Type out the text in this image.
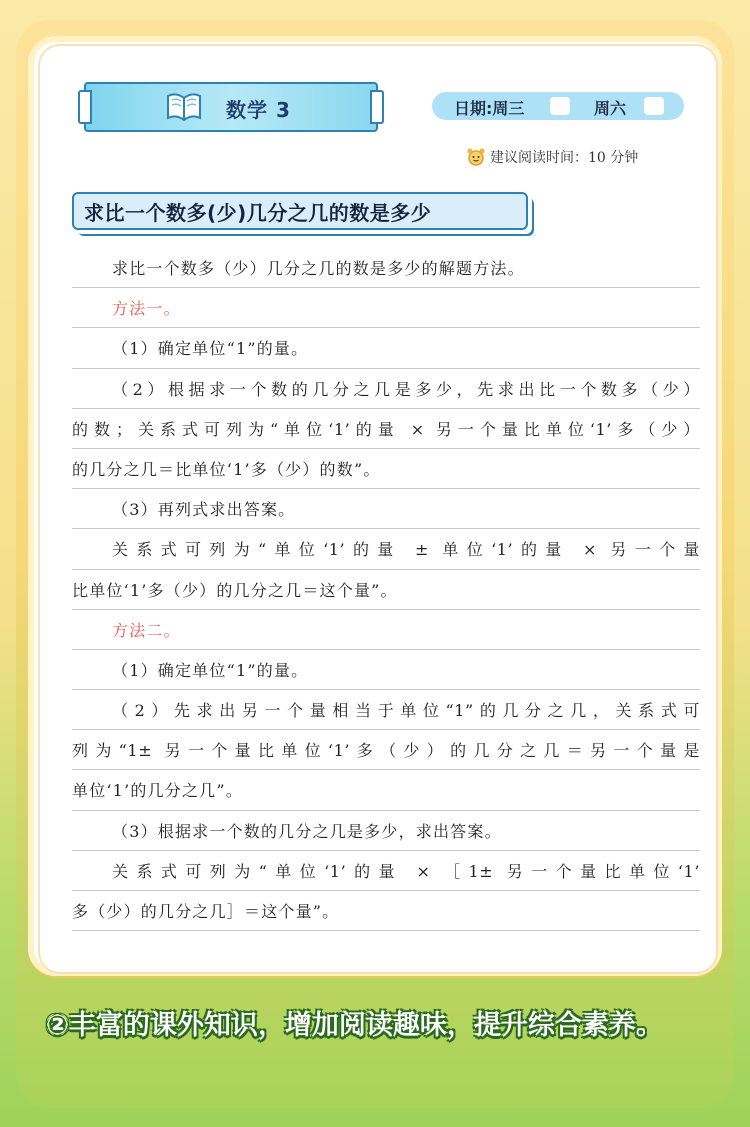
数学 3	日期:周三	周六
建议阅读时间：10 分钟
求比一个数多(少)几分之几的数是多少
求比一个数多（少）几分之几的数是多少的解题方法。
方法一。
（1）确定单位“1”的量。
（2）根据求一个数的几分之几是多少，先求出比一个数多（少）
的数；关系式可列为“单位‘1’的量 × 另一个量比单位‘1’多（少）
的几分之几＝比单位‘1’多（少）的数”。
（3）再列式求出答案。
关系式可列为“单位‘1’的量 ± 单位‘1’的量 × 另一个量
比单位‘1’多（少）的几分之几＝这个量”。
方法二。
（1）确定单位“1”的量。
（2）先求出另一个量相当于单位“1”的几分之几，关系式可
列为“1± 另一个量比单位‘1’多（少）的几分之几＝另一个量是
单位‘1’的几分之几”。
（3）根据求一个数的几分之几是多少，求出答案。
关系式可列为“单位‘1’的量 × ［1± 另一个量比单位‘1’
多（少）的几分之几］＝这个量”。
②丰富的课外知识，增加阅读趣味，提升综合素养。
